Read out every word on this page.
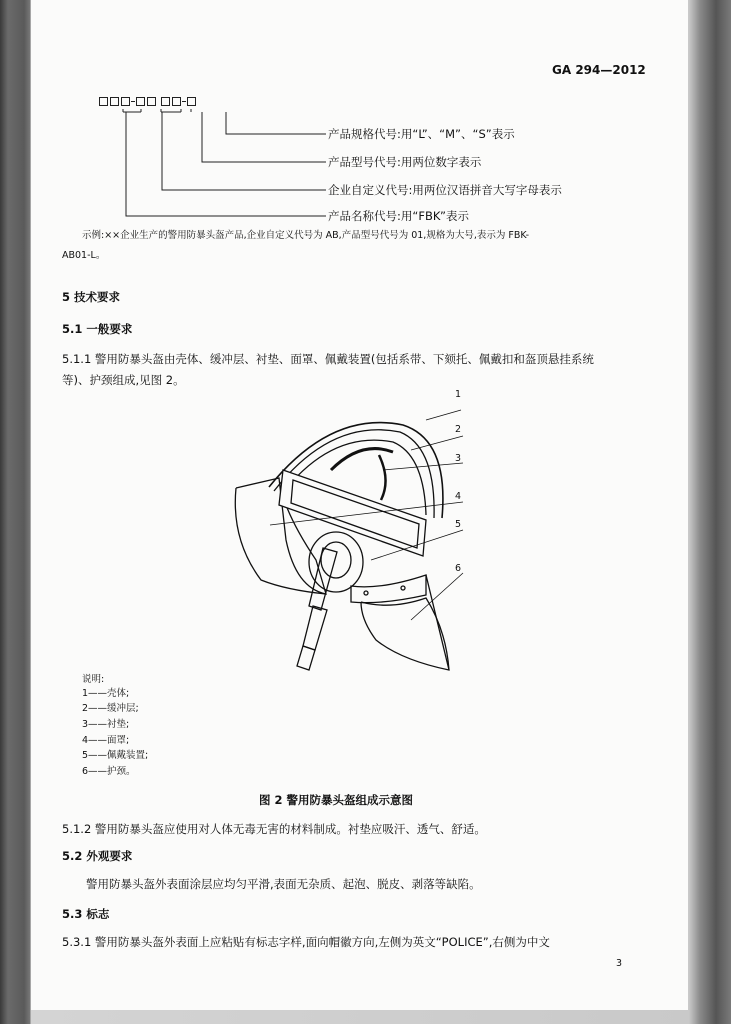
GA 294—2012
产品规格代号:用“L”、“M”、“S”表示
产品型号代号:用两位数字表示
企业自定义代号:用两位汉语拼音大写字母表示
产品名称代号:用“FBK”表示
示例:××企业生产的警用防暴头盔产品,企业自定义代号为 AB,产品型号代号为 01,规格为大号,表示为 FBK-
AB01-L。
5 技术要求
5.1 一般要求
5.1.1 警用防暴头盔由壳体、缓冲层、衬垫、面罩、佩戴装置(包括系带、下颏托、佩戴扣和盔顶悬挂系统
等)、护颈组成,见图 2。
1
2
3
4
5
6
说明:
1——壳体;
2——缓冲层;
3——衬垫;
4——面罩;
5——佩戴装置;
6——护颈。
图 2 警用防暴头盔组成示意图
5.1.2 警用防暴头盔应使用对人体无毒无害的材料制成。衬垫应吸汗、透气、舒适。
5.2 外观要求
警用防暴头盔外表面涂层应均匀平滑,表面无杂质、起泡、脱皮、剥落等缺陷。
5.3 标志
5.3.1 警用防暴头盔外表面上应粘贴有标志字样,面向帽徽方向,左侧为英文“POLICE”,右侧为中文
3
